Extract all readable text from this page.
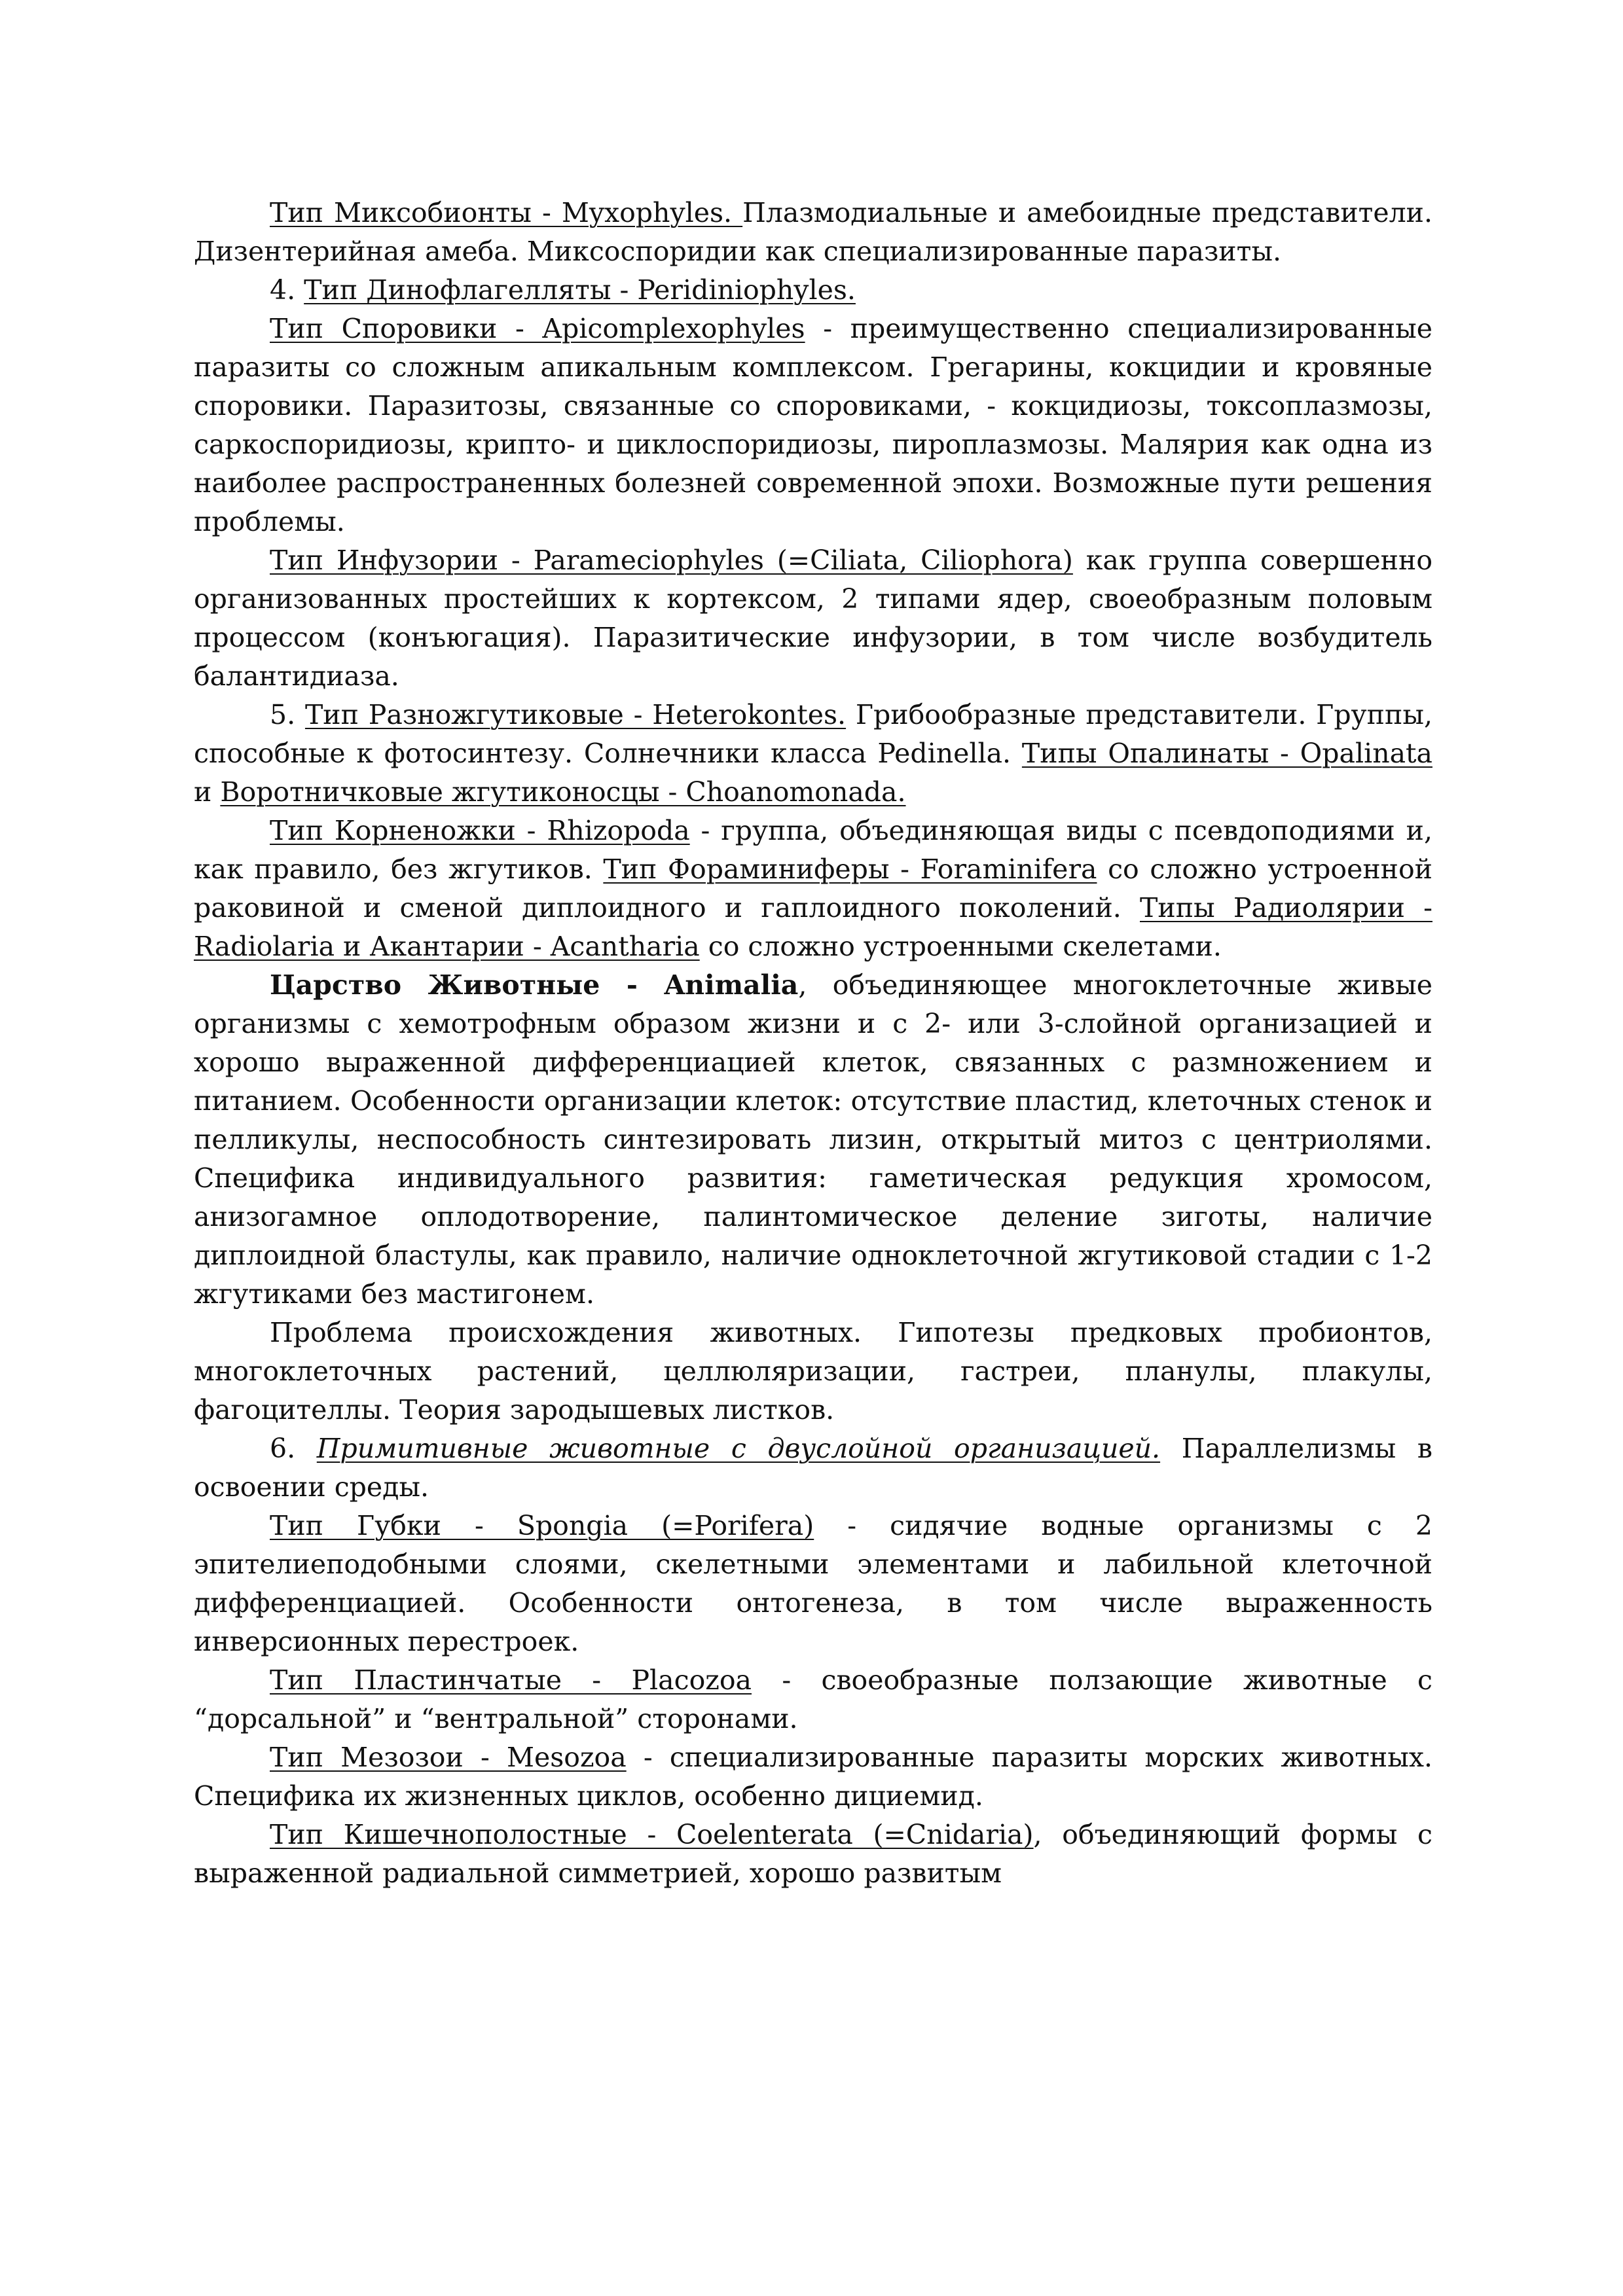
Тип Миксобионты - Myxophyles. Плазмодиальные и амебоидные представители. Дизентерийная амеба. Миксоспоридии как специализированные паразиты.

4. Тип Динофлагелляты - Peridiniophyles.

Тип Споровики - Apicomplexophyles - преимущественно специализированные паразиты со сложным апикальным комплексом. Грегарины, кокцидии и кровяные споровики. Паразитозы, связанные со споровиками, - кокцидиозы, токсоплазмозы, саркоспоридиозы, крипто- и циклоспоридиозы, пироплазмозы. Малярия как одна из наиболее распространенных болезней современной эпохи. Возможные пути решения проблемы.

Тип Инфузории - Parameciophyles (=Ciliata, Ciliophora) как группа совершенно организованных простейших к кортексом, 2 типами ядер, своеобразным половым процессом (конъюгация). Паразитические инфузории, в том числе возбудитель балантидиаза.

5. Тип Разножгутиковые - Heterokontes. Грибообразные представители. Группы, способные к фотосинтезу. Солнечники класса Pedinella. Типы Опалинаты - Opalinata и Воротничковые жгутиконосцы - Choanomonada.

Тип Корненожки - Rhizopoda - группа, объединяющая виды с псевдоподиями и, как правило, без жгутиков. Тип Фораминиферы - Foraminifera со сложно устроенной раковиной и сменой диплоидного и гаплоидного поколений. Типы Радиолярии - Radiolaria и Акантарии - Acantharia со сложно устроенными скелетами.

Царство Животные - Animalia, объединяющее многоклеточные живые организмы с хемотрофным образом жизни и с 2- или 3-слойной организацией и хорошо выраженной дифференциацией клеток, связанных с размножением и питанием. Особенности организации клеток: отсутствие пластид, клеточных стенок и пелликулы, неспособность синтезировать лизин, открытый митоз с центриолями. Специфика индивидуального развития: гаметическая редукция хромосом, анизогамное оплодотворение, палинтомическое деление зиготы, наличие диплоидной бластулы, как правило, наличие одноклеточной жгутиковой стадии с 1-2 жгутиками без мастигонем.

Проблема происхождения животных. Гипотезы предковых пробионтов, многоклеточных растений, целлюляризации, гастреи, планулы, плакулы, фагоцителлы. Теория зародышевых листков.

6. Примитивные животные с двуслойной организацией. Параллелизмы в освоении среды.

Тип Губки - Spongia (=Porifera) - сидячие водные организмы с 2 эпителиеподобными слоями, скелетными элементами и лабильной клеточной дифференциацией. Особенности онтогенеза, в том числе выраженность инверсионных перестроек.

Тип Пластинчатые - Placozoa - своеобразные ползающие животные с “дорсальной” и “вентральной” сторонами.

Тип Мезозои - Mesozoa - специализированные паразиты морских животных. Специфика их жизненных циклов, особенно дициемид.

Тип Кишечнополостные - Coelenterata (=Cnidaria), объединяющий формы с выраженной радиальной симметрией, хорошо развитым
